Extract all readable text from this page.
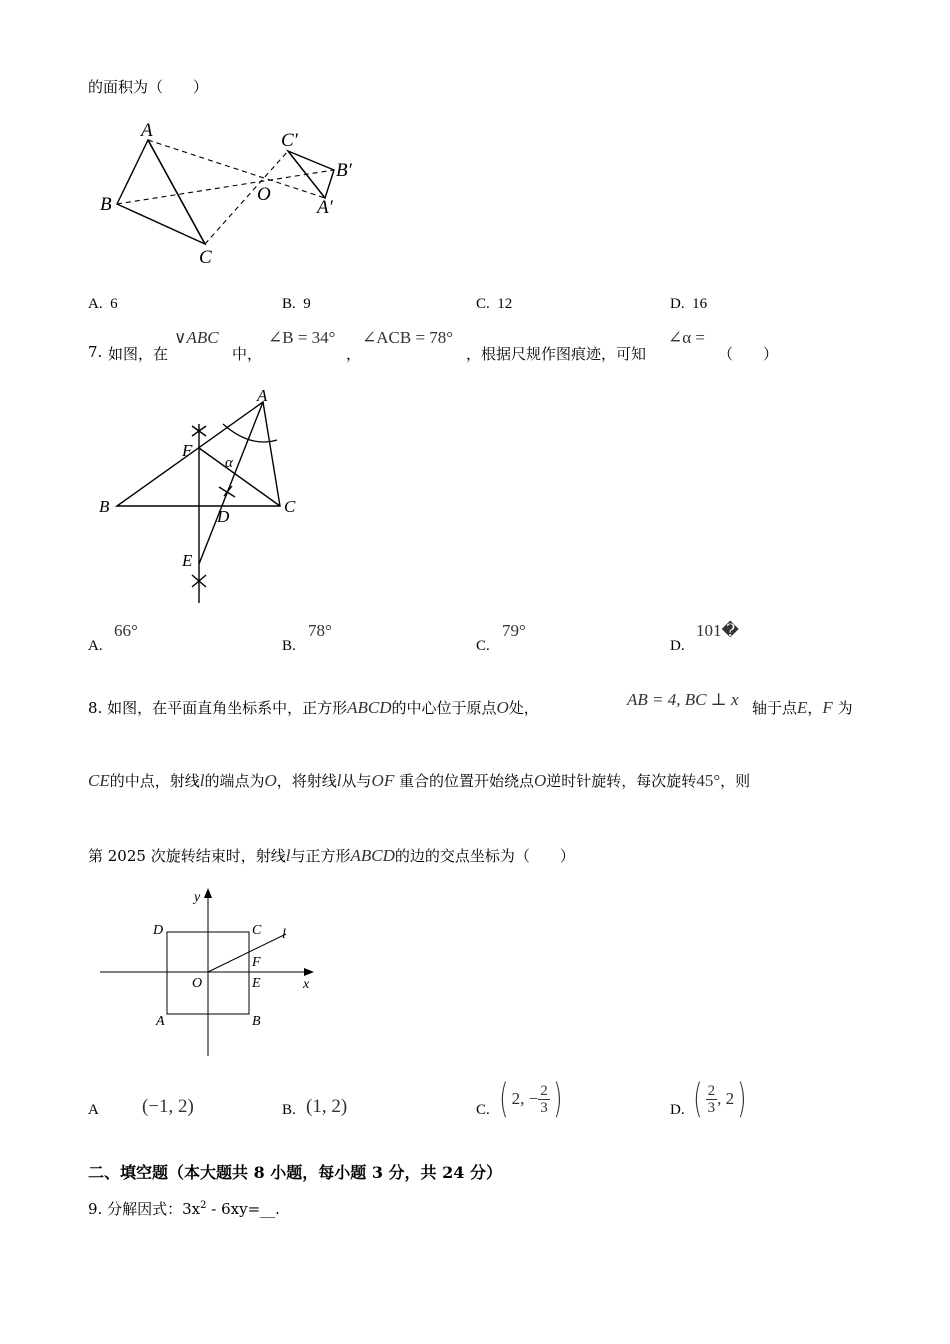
的面积为（　　）
A
B
C
O
C′
B′
A′
A. 6	B. 9	C. 12	D. 16
7. 如图，在
∨ABC
中，
∠B = 34°
，
∠ACB = 78°
，根据尺规作图痕迹，可知
∠α =
（　　）
A
B	C
D
E
F
α
A.
66°
B.
78°
C.
79°
D.
101�
8. 如图，在平面直角坐标系中，正方形ABCD的中心位于原点O处，	AB = 4, BC ⊥ x 轴于点E，F 为
CE的中点，射线l的端点为O，将射线l从与OF 重合的位置开始绕点O逆时针旋转，每次旋转45°，则
第 2025 次旋转结束时，射线l与正方形ABCD的边的交点坐标为（　　）
y
x
D	C l
F
O	E
A	B
A (−1, 2)	B. (1, 2)	C. ( 2, − $\frac{2}{3}$ )	D. ( $\frac{2}{3}$ , 2 )
二、填空题（本大题共 8 小题，每小题 3 分，共 24 分）
9. 分解因式：$3x^2$ - 6xy=__.
